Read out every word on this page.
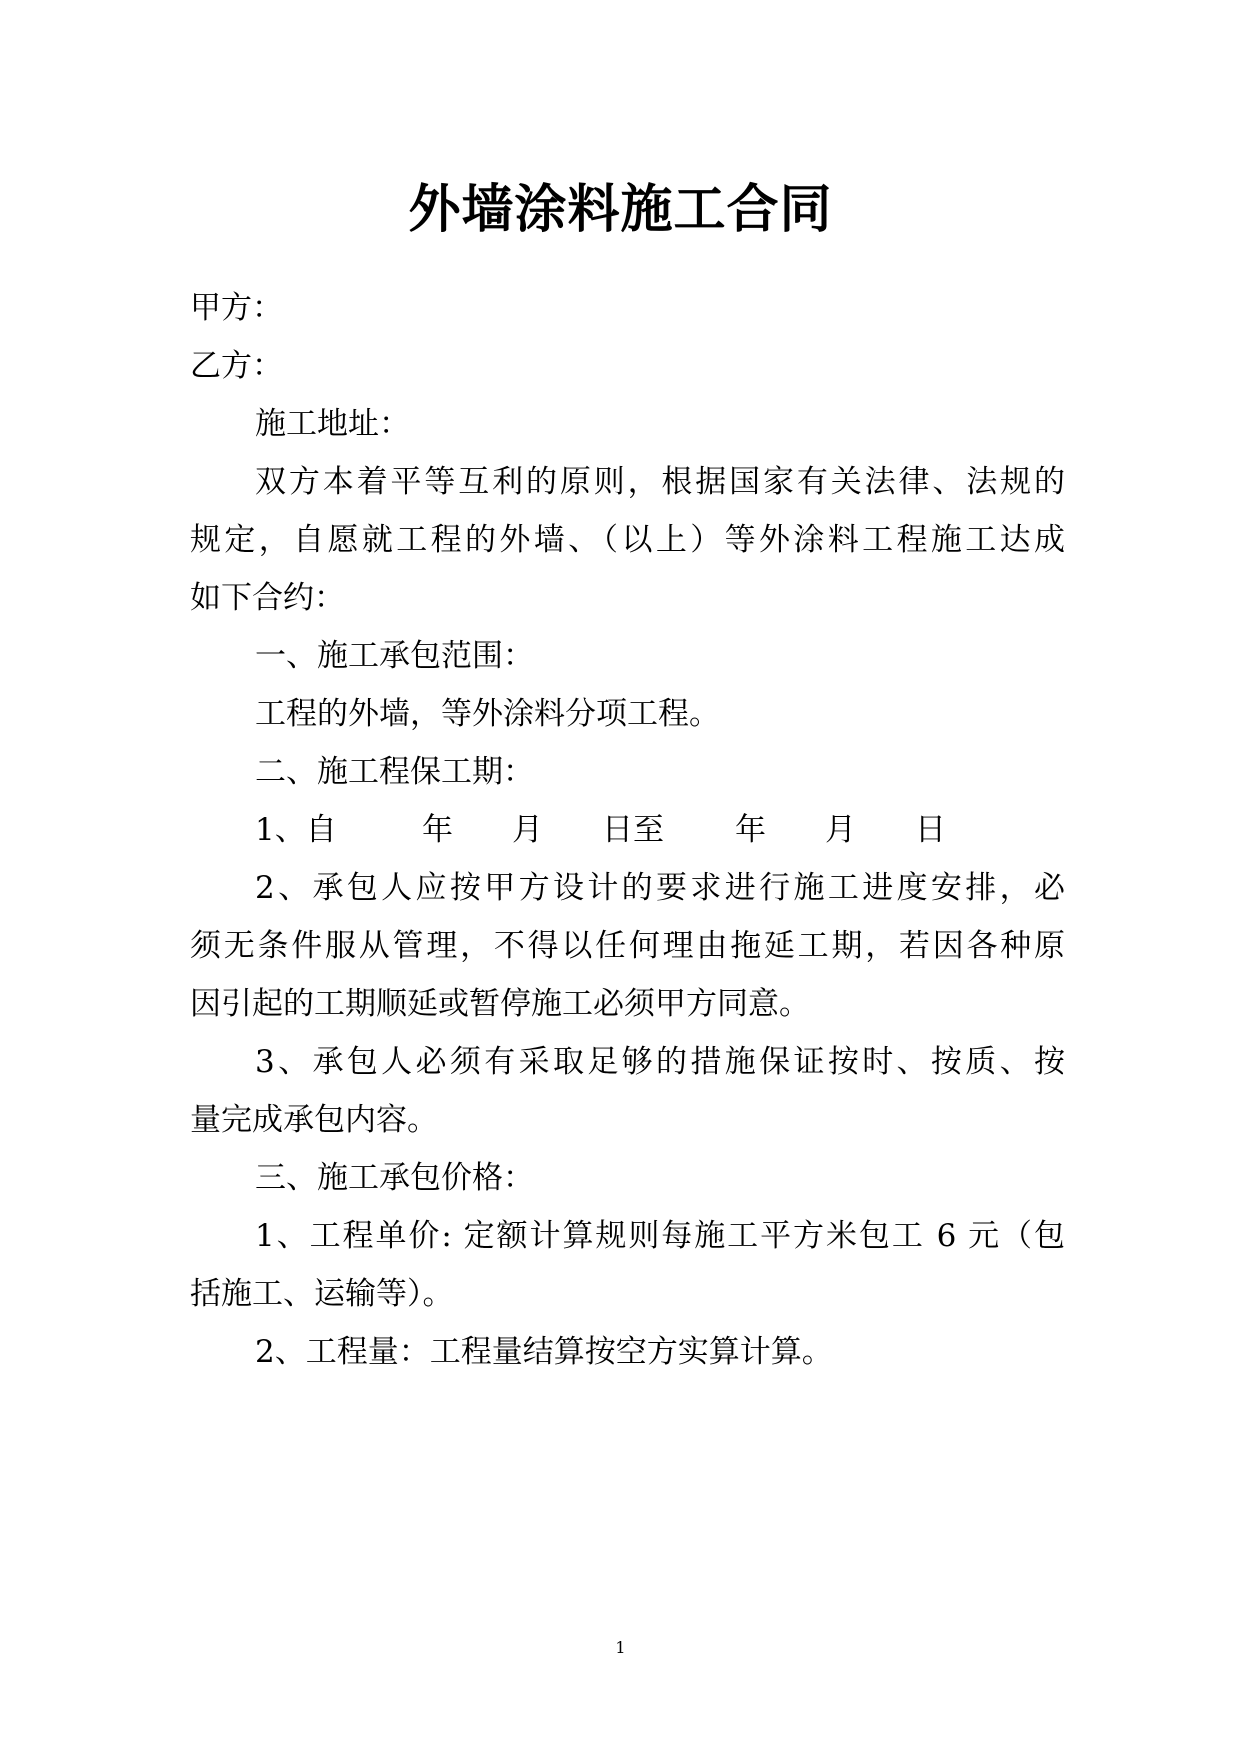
外墙涂料施工合同
甲方：
乙方：
施工地址：
双方本着平等互利的原则，根据国家有关法律、法规的
规定，自愿就工程的外墙、（以上）等外涂料工程施工达成
如下合约：
一、施工承包范围：
工程的外墙，等外涂料分项工程。
二、施工程保工期：
1、自	年 月 日至 年 月 日
2、承包人应按甲方设计的要求进行施工进度安排，必
须无条件服从管理，不得以任何理由拖延工期，若因各种原
因引起的工期顺延或暂停施工必须甲方同意。
3、承包人必须有采取足够的措施保证按时、按质、按
量完成承包内容。
三、施工承包价格：
1、工程单价: 定额计算规则每施工平方米包工 6 元（包
括施工、运输等）。
2、工程量：工程量结算按空方实算计算。
1
